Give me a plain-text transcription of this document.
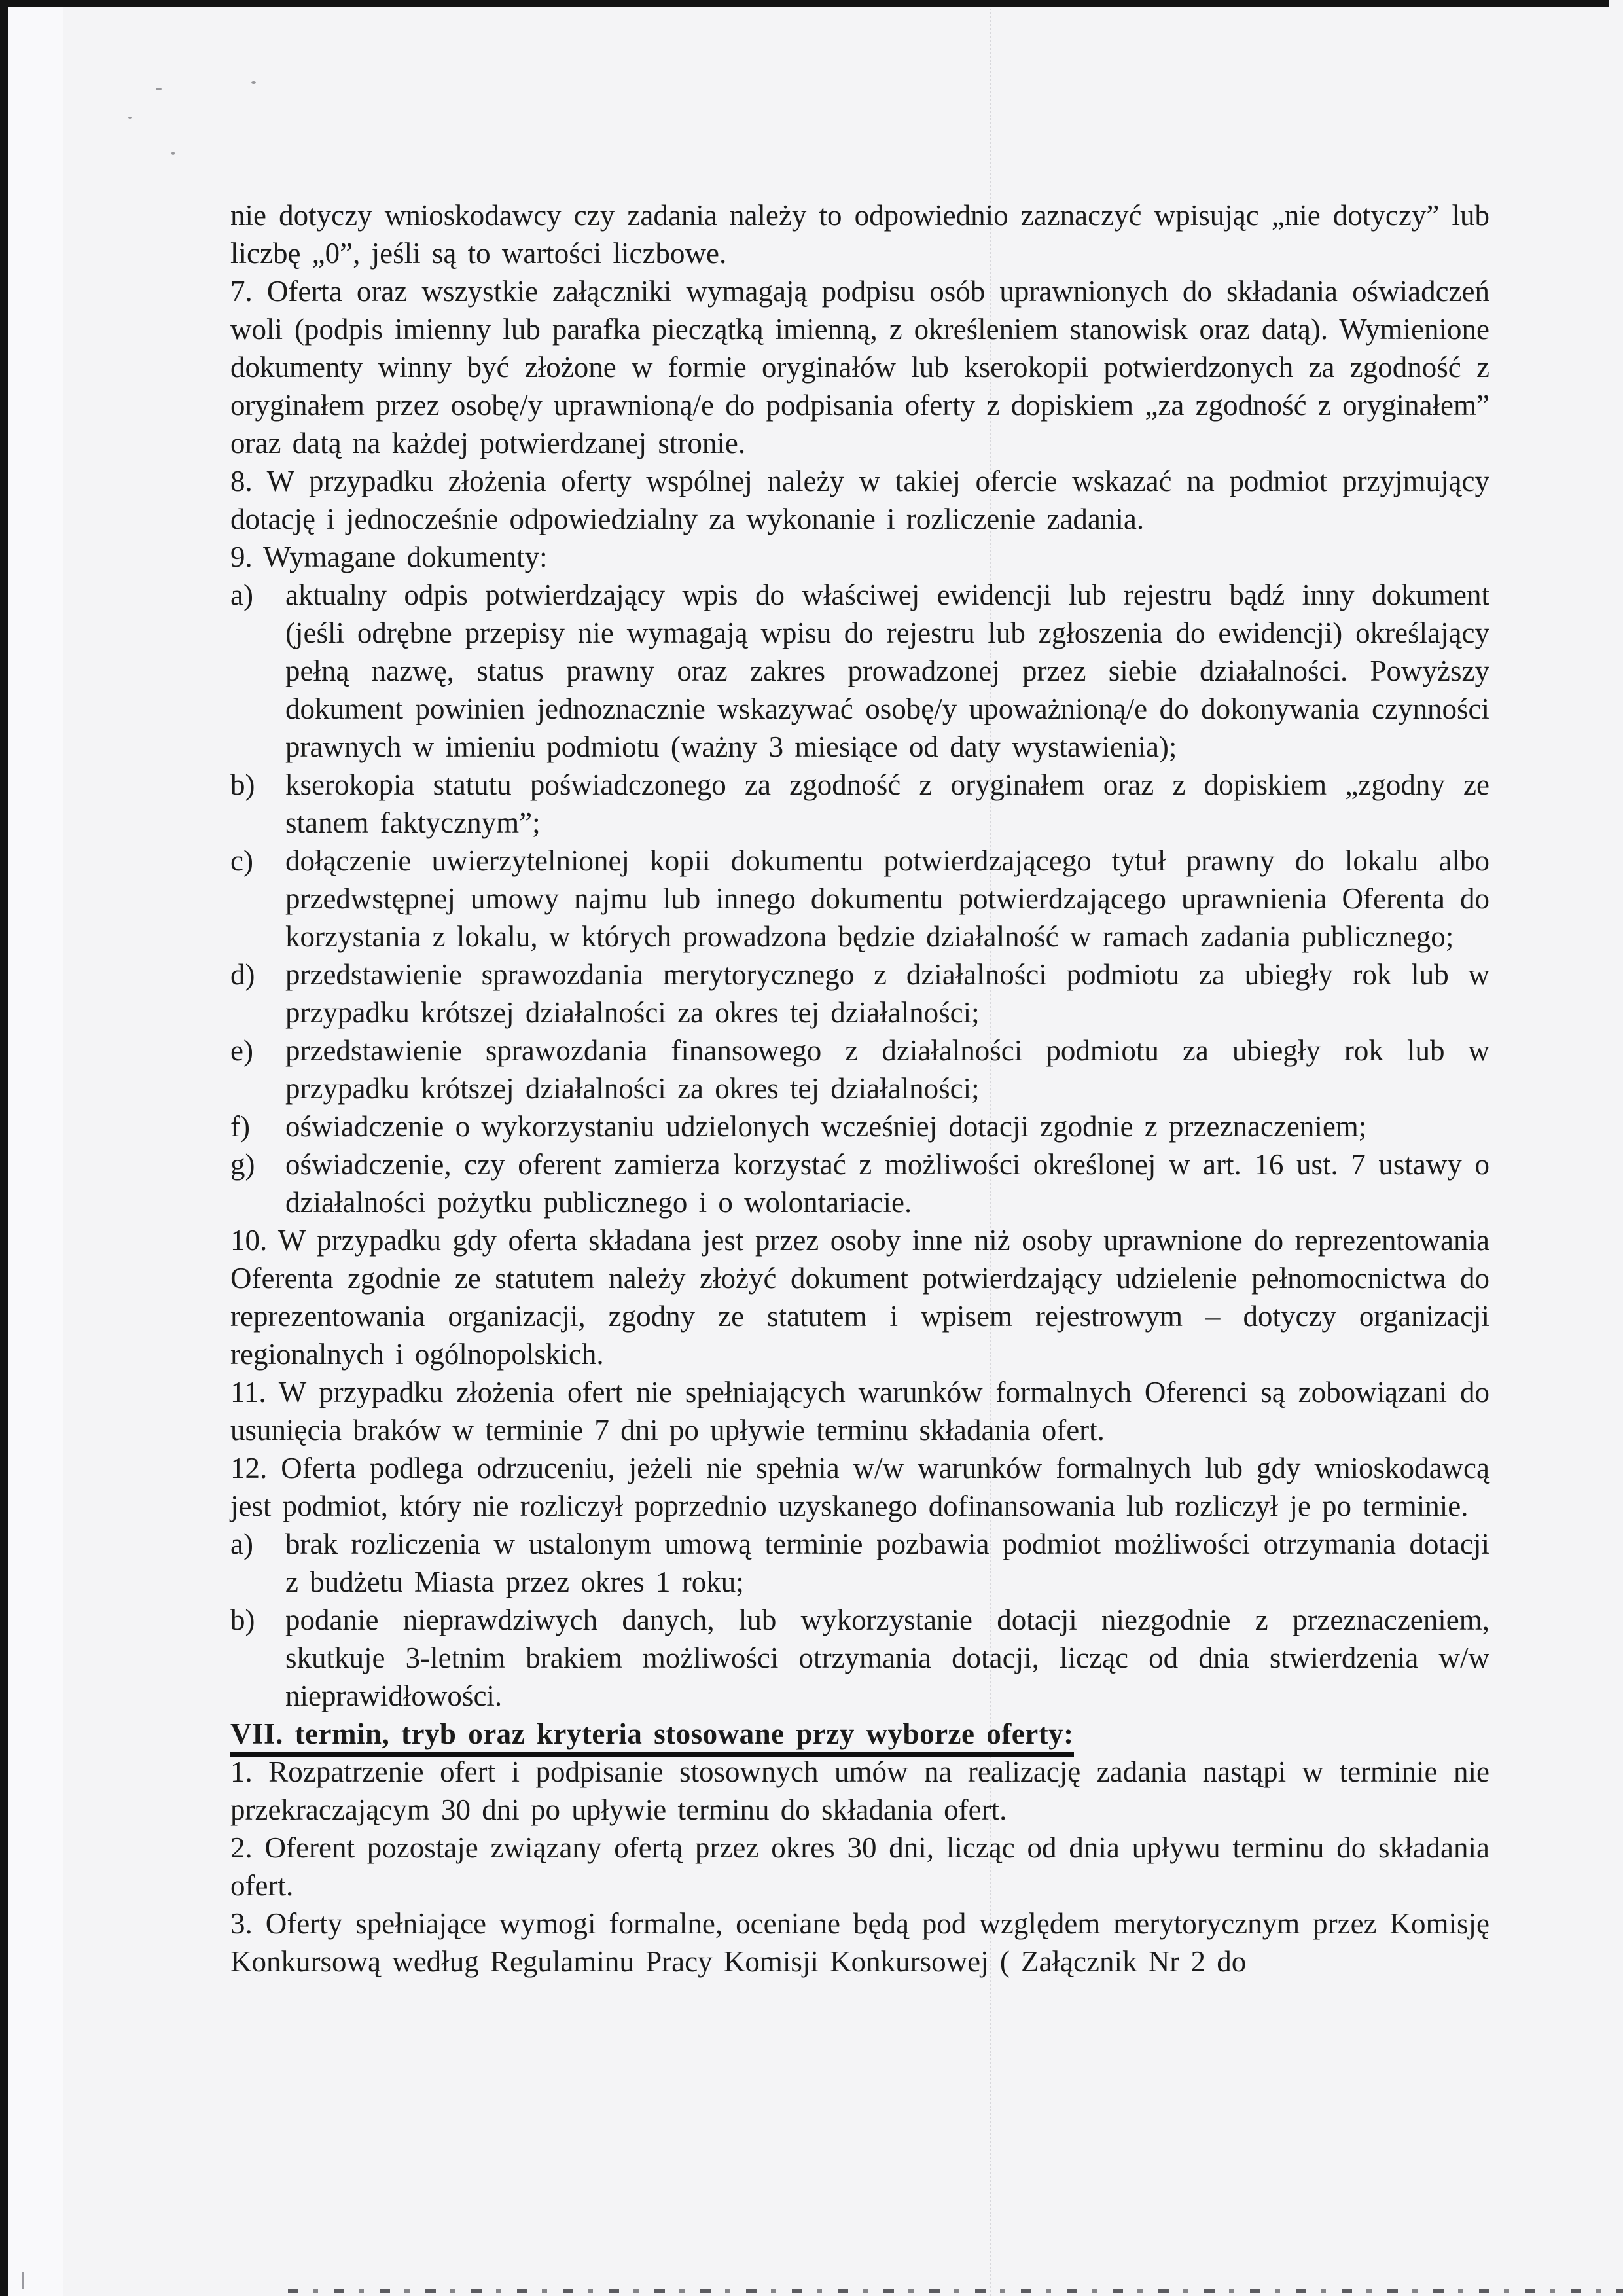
nie dotyczy wnioskodawcy czy zadania należy to odpowiednio zaznaczyć wpisując „nie dotyczy” lub liczbę „0”, jeśli są to wartości liczbowe.
7. Oferta oraz wszystkie załączniki wymagają podpisu osób uprawnionych do składania oświadczeń woli (podpis imienny lub parafka pieczątką imienną, z określeniem stanowisk oraz datą). Wymienione dokumenty winny być złożone w formie oryginałów lub kserokopii potwierdzonych za zgodność z oryginałem przez osobę/y uprawnioną/e do podpisania oferty z dopiskiem „za zgodność z oryginałem” oraz datą na każdej potwierdzanej stronie.
8. W przypadku złożenia oferty wspólnej należy w takiej ofercie wskazać na podmiot przyjmujący dotację i jednocześnie odpowiedzialny za wykonanie i rozliczenie zadania.
9. Wymagane dokumenty:
a) aktualny odpis potwierdzający wpis do właściwej ewidencji lub rejestru bądź inny dokument (jeśli odrębne przepisy nie wymagają wpisu do rejestru lub zgłoszenia do ewidencji) określający pełną nazwę, status prawny oraz zakres prowadzonej przez siebie działalności. Powyższy dokument powinien jednoznacznie wskazywać osobę/y upoważnioną/e do dokonywania czynności prawnych w imieniu podmiotu (ważny 3 miesiące od daty wystawienia);
b) kserokopia statutu poświadczonego za zgodność z oryginałem oraz z dopiskiem „zgodny ze stanem faktycznym”;
c) dołączenie uwierzytelnionej kopii dokumentu potwierdzającego tytuł prawny do lokalu albo przedwstępnej umowy najmu lub innego dokumentu potwierdzającego uprawnienia Oferenta do korzystania z lokalu, w których prowadzona będzie działalność w ramach zadania publicznego;
d) przedstawienie sprawozdania merytorycznego z działalności podmiotu za ubiegły rok lub w przypadku krótszej działalności za okres tej działalności;
e) przedstawienie sprawozdania finansowego z działalności podmiotu za ubiegły rok lub w przypadku krótszej działalności za okres tej działalności;
f) oświadczenie o wykorzystaniu udzielonych wcześniej dotacji zgodnie z przeznaczeniem;
g) oświadczenie, czy oferent zamierza korzystać z możliwości określonej w art. 16 ust. 7 ustawy o działalności pożytku publicznego i o wolontariacie.
10. W przypadku gdy oferta składana jest przez osoby inne niż osoby uprawnione do reprezentowania Oferenta zgodnie ze statutem należy złożyć dokument potwierdzający udzielenie pełnomocnictwa do reprezentowania organizacji, zgodny ze statutem i wpisem rejestrowym – dotyczy organizacji regionalnych i ogólnopolskich.
11. W przypadku złożenia ofert nie spełniających warunków formalnych Oferenci są zobowiązani do usunięcia braków w terminie 7 dni po upływie terminu składania ofert.
12. Oferta podlega odrzuceniu, jeżeli nie spełnia w/w warunków formalnych lub gdy wnioskodawcą jest podmiot, który nie rozliczył poprzednio uzyskanego dofinansowania lub rozliczył je po terminie.
a) brak rozliczenia w ustalonym umową terminie pozbawia podmiot możliwości otrzymania dotacji z budżetu Miasta przez okres 1 roku;
b) podanie nieprawdziwych danych, lub wykorzystanie dotacji niezgodnie z przeznaczeniem, skutkuje 3-letnim brakiem możliwości otrzymania dotacji, licząc od dnia stwierdzenia w/w nieprawidłowości.
VII. termin, tryb oraz kryteria stosowane przy wyborze oferty:
1. Rozpatrzenie ofert i podpisanie stosownych umów na realizację zadania nastąpi w terminie nie przekraczającym 30 dni po upływie terminu do składania ofert.
2. Oferent pozostaje związany ofertą przez okres 30 dni, licząc od dnia upływu terminu do składania ofert.
3. Oferty spełniające wymogi formalne, oceniane będą pod względem merytorycznym przez Komisję Konkursową według Regulaminu Pracy Komisji Konkursowej ( Załącznik Nr 2 do
